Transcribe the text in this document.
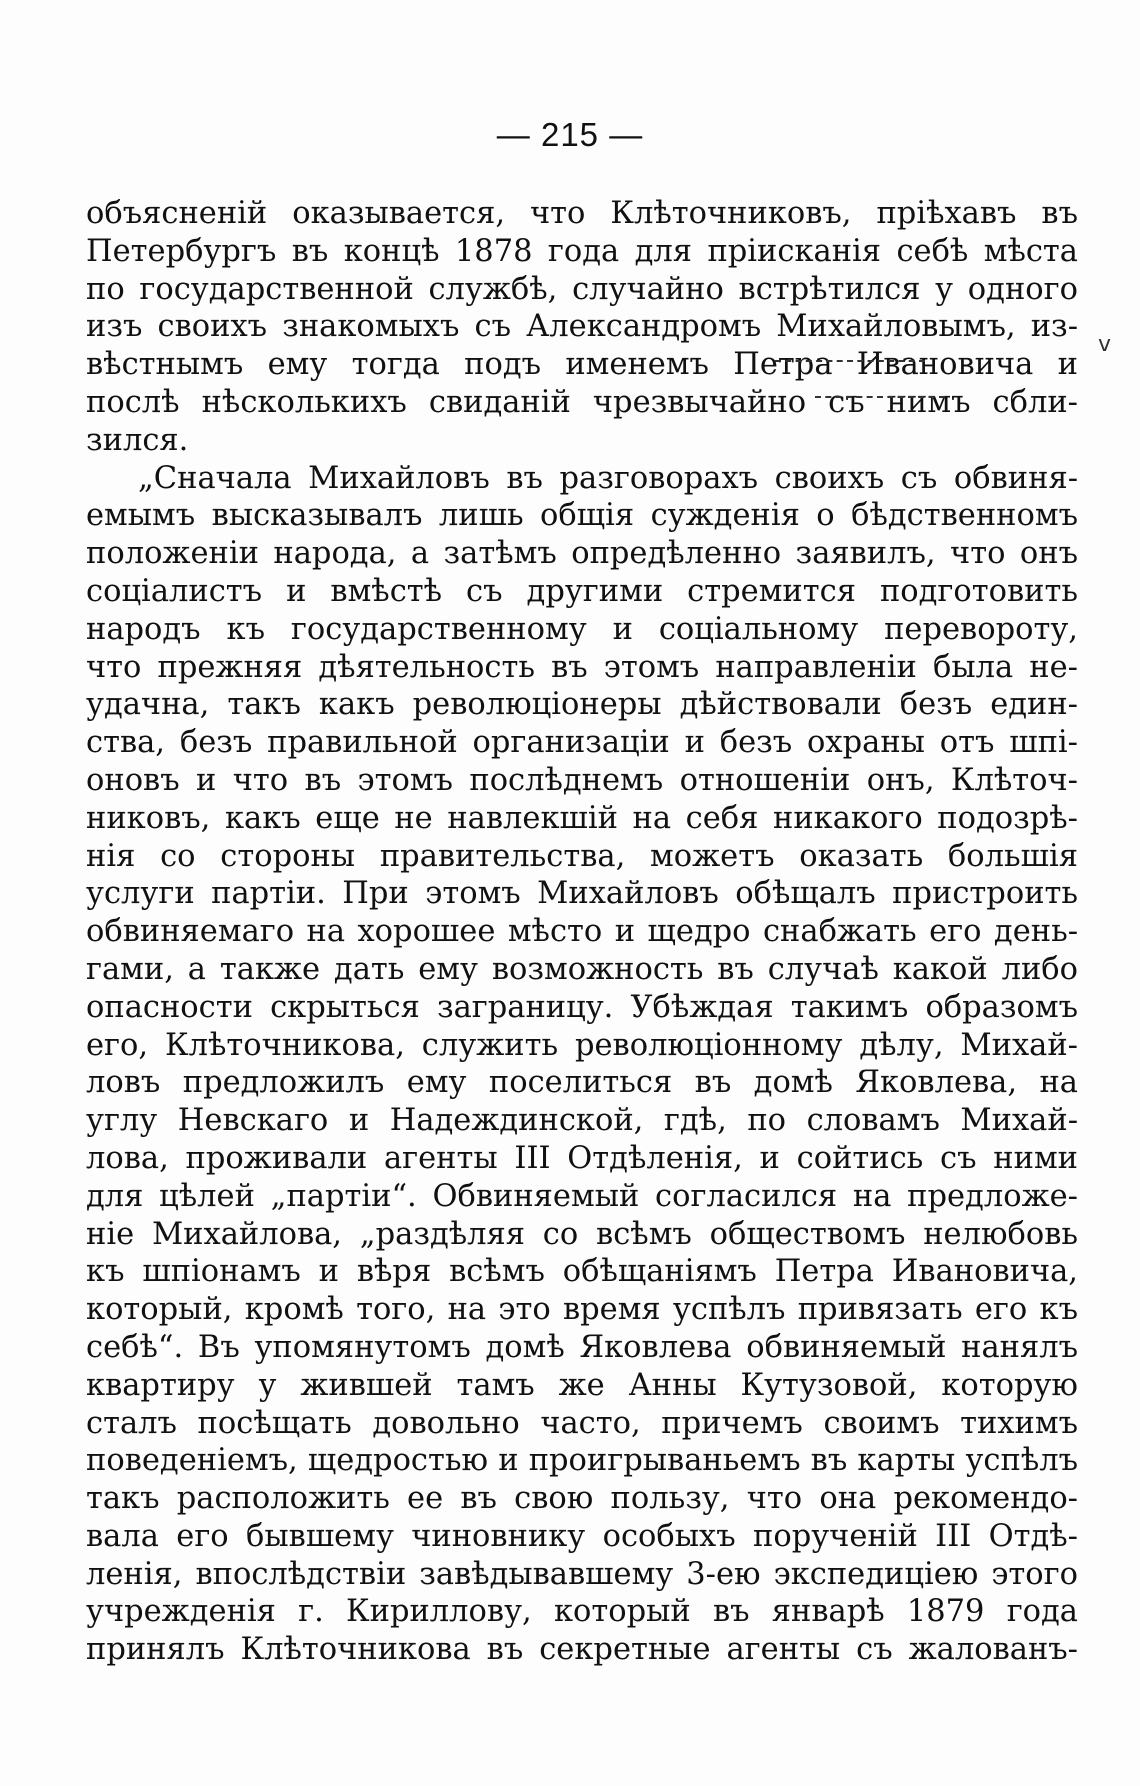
— 215 —
объясненій оказывается, что Клѣточниковъ, пріѣхавъ въ
Петербургъ въ концѣ 1878 года для пріисканія себѣ мѣста
по государственной службѣ, случайно встрѣтился у одного
изъ своихъ знакомыхъ съ Александромъ Михайловымъ, из-
вѣстнымъ ему тогда подъ именемъ Петра Ивановича и
послѣ нѣсколькихъ свиданій чрезвычайно съ нимъ сбли-
зился.
„Сначала Михайловъ въ разговорахъ своихъ съ обвиня-
емымъ высказывалъ лишь общія сужденія о бѣдственномъ
положеніи народа, а затѣмъ опредѣленно заявилъ, что онъ
соціалистъ и вмѣстѣ съ другими стремится подготовить
народъ къ государственному и соціальному перевороту,
что прежняя дѣятельность въ этомъ направленіи была не-
удачна, такъ какъ революціонеры дѣйствовали безъ един-
ства, безъ правильной организаціи и безъ охраны отъ шпі-
оновъ и что въ этомъ послѣднемъ отношеніи онъ, Клѣточ-
никовъ, какъ еще не навлекшій на себя никакого подозрѣ-
нія со стороны правительства, можетъ оказать большія
услуги партіи. При этомъ Михайловъ обѣщалъ пристроить
обвиняемаго на хорошее мѣсто и щедро снабжать его день-
гами, а также дать ему возможность въ случаѣ какой либо
опасности скрыться заграницу. Убѣждая такимъ образомъ
его, Клѣточникова, служить революціонному дѣлу, Михай-
ловъ предложилъ ему поселиться въ домѣ Яковлева, на
углу Невскаго и Надеждинской, гдѣ, по словамъ Михай-
лова, проживали агенты III Отдѣленія, и сойтись съ ними
для цѣлей „партіи“. Обвиняемый согласился на предложе-
ніе Михайлова, „раздѣляя со всѣмъ обществомъ нелюбовь
къ шпіонамъ и вѣря всѣмъ обѣщаніямъ Петра Ивановича,
который, кромѣ того, на это время успѣлъ привязать его къ
себѣ“. Въ упомянутомъ домѣ Яковлева обвиняемый нанялъ
квартиру у жившей тамъ же Анны Кутузовой, которую
сталъ посѣщать довольно часто, причемъ своимъ тихимъ
поведеніемъ, щедростью и проигрываньемъ въ карты успѣлъ
такъ расположить ее въ свою пользу, что она рекомендо-
вала его бывшему чиновнику особыхъ порученій III Отдѣ-
ленія, впослѣдствіи завѣдывавшему 3-ею экспедиціею этого
учрежденія г. Кириллову, который въ январѣ 1879 года
принялъ Клѣточникова въ секретные агенты съ жалованъ-
v
